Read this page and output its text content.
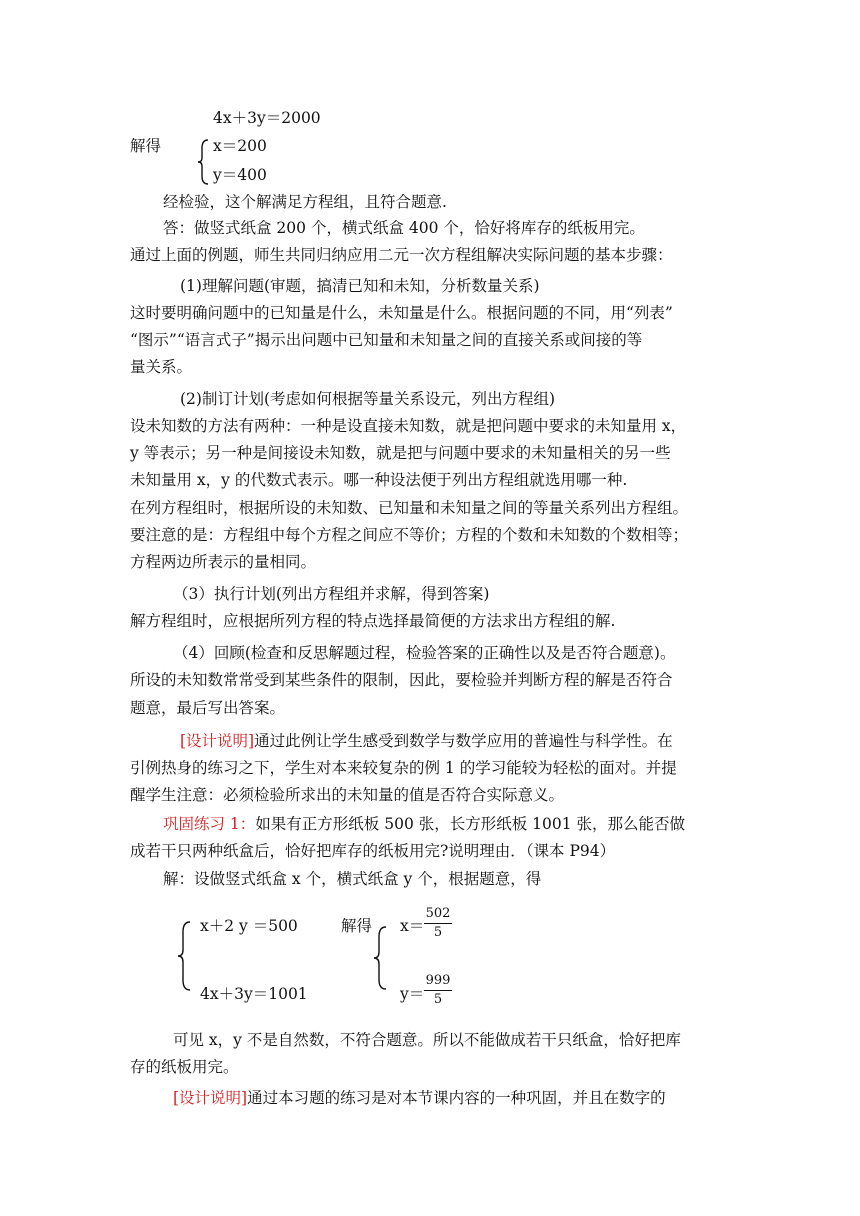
4x＋3y＝2000
解得	x＝200
y＝400
经检验，这个解满足方程组，且符合题意.
答：做竖式纸盒 200 个，横式纸盒 400 个，恰好将库存的纸板用完。
通过上面的例题，师生共同归纳应用二元一次方程组解决实际问题的基本步骤：
(1)理解问题(审题，搞清已知和未知，分析数量关系)
这时要明确问题中的已知量是什么，未知量是什么。根据问题的不同，用“列表”
“图示”“语言式子”揭示出问题中已知量和未知量之间的直接关系或间接的等
量关系。
(2)制订计划(考虑如何根据等量关系设元，列出方程组)
设未知数的方法有两种：一种是设直接未知数，就是把问题中要求的未知量用 x，
y 等表示；另一种是间接设未知数，就是把与问题中要求的未知量相关的另一些
未知量用 x，y 的代数式表示。哪一种设法便于列出方程组就选用哪一种.
在列方程组时，根据所设的未知数、已知量和未知量之间的等量关系列出方程组。
要注意的是：方程组中每个方程之间应不等价；方程的个数和未知数的个数相等；
方程两边所表示的量相同。
（3）执行计划(列出方程组并求解，得到答案)
解方程组时，应根据所列方程的特点选择最简便的方法求出方程组的解.
（4）回顾(检查和反思解题过程，检验答案的正确性以及是否符合题意)。
所设的未知数常常受到某些条件的限制，因此，要检验并判断方程的解是否符合
题意，最后写出答案。
[设计说明]通过此例让学生感受到数学与数学应用的普遍性与科学性。在
引例热身的练习之下，学生对本来较复杂的例 1 的学习能较为轻松的面对。并提
醒学生注意：必须检验所求出的未知量的值是否符合实际意义。
巩固练习 1：如果有正方形纸板 500 张，长方形纸板 1001 张，那么能否做
成若干只两种纸盒后，恰好把库存的纸板用完?说明理由．（课本 P94）
解：设做竖式纸盒 x 个，横式纸盒 y 个，根据题意，得
x＋2 y ＝500
4x＋3y＝1001
解得 x＝
502
5
y＝
999
5
可见 x，y 不是自然数，不符合题意。所以不能做成若干只纸盒，恰好把库
存的纸板用完。
[设计说明]通过本习题的练习是对本节课内容的一种巩固，并且在数字的
